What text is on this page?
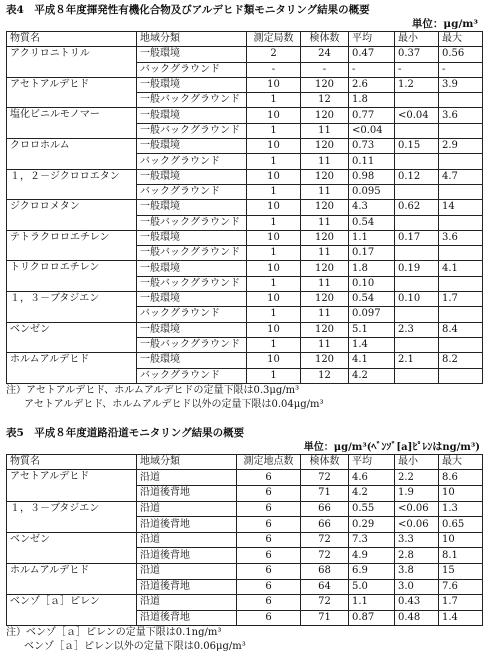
表4　平成８年度揮発性有機化合物及びアルデヒド類モニタリング結果の概要
単位：μg/m³
物質名	地域分類	測定局数	検体数	平均	最小	最大
アクリロニトリル	一般環境	2	24	0.47	0.37	0.56
	バックグラウンド	-	-	-	-	-
アセトアルデヒド	一般環境	10	120	2.6	1.2	3.9
	一般バックグラウンド	1	12	1.8		
塩化ビニルモノマー	一般環境	10	120	0.77	<0.04	3.6
	一般バックグラウンド	1	11	<0.04		
クロロホルム	一般環境	10	120	0.73	0.15	2.9
	バックグラウンド	1	11	0.11		
１，２－ジクロロエタン	一般環境	10	120	0.98	0.12	4.7
	バックグラウンド	1	11	0.095		
ジクロロメタン	一般環境	10	120	4.3	0.62	14
	一般バックグラウンド	1	11	0.54		
テトラクロロエチレン	一般環境	10	120	1.1	0.17	3.6
	一般バックグラウンド	1	11	0.17		
トリクロロエチレン	一般環境	10	120	1.8	0.19	4.1
	一般バックグラウンド	1	11	0.10		
１，３－ブタジエン	一般環境	10	120	0.54	0.10	1.7
	バックグラウンド	1	11	0.097		
ベンゼン	一般環境	10	120	5.1	2.3	8.4
	一般バックグラウンド	1	11	1.4		
ホルムアルデヒド	一般環境	10	120	4.1	2.1	8.2
	バックグラウンド	1	12	4.2		
注）アセトアルデヒド、ホルムアルデヒドの定量下限は0.3μg/m³
アセトアルデヒド、ホルムアルデヒド以外の定量下限は0.04μg/m³
表5　平成８年度道路沿道モニタリング結果の概要
単位：μg/m³(ﾍﾞﾝｿﾞ[a]ﾋﾟﾚﾝはng/m³)
物質名	地域分類	測定地点数	検体数	平均	最小	最大
アセトアルデヒド	沿道	6	72	4.6	2.2	8.6
	沿道後背地	6	71	4.2	1.9	10
１，３－ブタジエン	沿道	6	66	0.55	<0.06	1.3
	沿道後背地	6	66	0.29	<0.06	0.65
ベンゼン	沿道	6	72	7.3	3.3	10
	沿道後背地	6	72	4.9	2.8	8.1
ホルムアルデヒド	沿道	6	68	6.9	3.8	15
	沿道後背地	6	64	5.0	3.0	7.6
ベンゾ［ａ］ピレン	沿道	6	72	1.1	0.43	1.7
	沿道後背地	6	71	0.87	0.48	1.4
注）ベンゾ［ａ］ピレンの定量下限は0.1ng/m³
ベンゾ［ａ］ピレン以外の定量下限は0.06μg/m³
